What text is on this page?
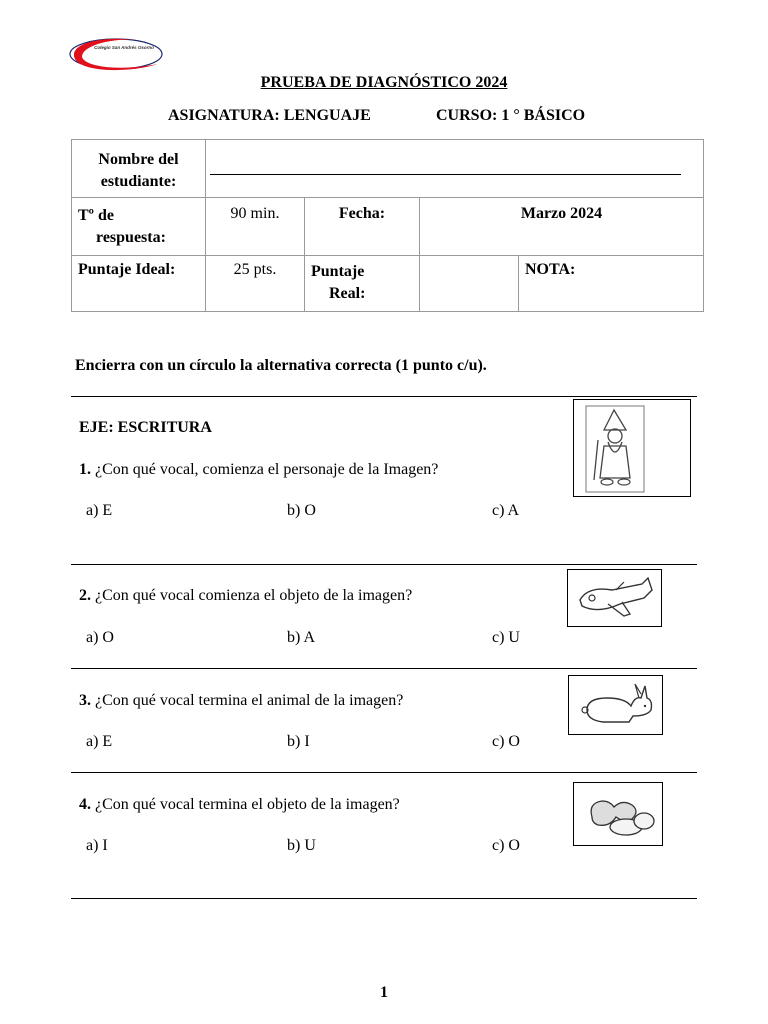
Colegio San Andrés Osorno
PRUEBA DE DIAGNÓSTICO 2024
ASIGNATURA: LENGUAJE	CURSO: 1 ° BÁSICO
Nombre del
estudiante:				

Tº de
respuesta:	90 min.	Fecha:	Marzo 2024	

Puntaje Ideal:	25 pts.	Puntaje
Real:		NOTA:
Encierra con un círculo la alternativa correcta (1 punto c/u).
EJE: ESCRITURA
1. ¿Con qué vocal, comienza el personaje de la Imagen?
a) E	b) O	c) A
2. ¿Con qué vocal comienza el objeto de la imagen?
a) O	b) A	c) U
3. ¿Con qué vocal termina el animal de la imagen?
a) E	b) I	c) O
4. ¿Con qué vocal termina el objeto de la imagen?
a) I	b) U	c) O
1
